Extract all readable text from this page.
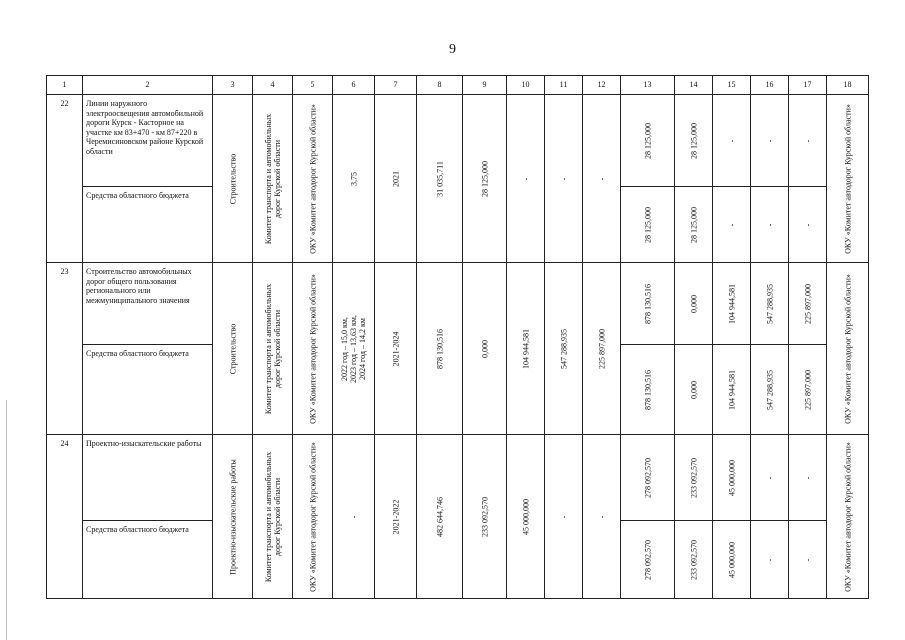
9
1	2	3	4	5	6	7	8	9	10	11	12	13	14	15	16	17	18
22	Линии наружного электроосвещения автомобильной дороги Курск - Касторное на участке км 83+470 - км 87+220 в Черемисиновском районе Курской области	Строительство	Комитет транспорта и автомобильных дорог Курской области	ОКУ «Комитет автодорог Курской области»	3,75	2021	31 035,711	28 125,000	-	-	-	28 125,000	28 125,000	-	-	-	ОКУ «Комитет автодорог Курской области»

	Средства областного бюджета											28 125,000	28 125,000	-	-	-	

23	Строительство автомобильных дорог общего пользования регионального или межмуниципального значения	Строительство	Комитет транспорта и автомобильных дорог Курской области	ОКУ «Комитет автодорог Курской области»	2022 год – 15,0 км, 2023 год – 13,63 км, 2024 год – 14,2 км	2021-2024	878 130,516	0,000	104 944,581	547 288,935	225 897,000	878 130,516	0,000	104 944,581	547 288,935	225 897,000	ОКУ «Комитет автодорог Курской области»

	Средства областного бюджета											878 130,516	0,000	104 944,581	547 288,935	225 897,000	

24	Проектно-изыскательские работы	Проектно-изыскательские работы	Комитет транспорта и автомобильных дорог Курской области	ОКУ «Комитет автодорог Курской области»	-	2021-2022	482 644,746	233 092,570	45 000,000	-	-	278 092,570	233 092,570	45 000,000	-	-	ОКУ «Комитет автодорог Курской области»

	Средства областного бюджета											278 092,570	233 092,570	45 000,000	-	-	
